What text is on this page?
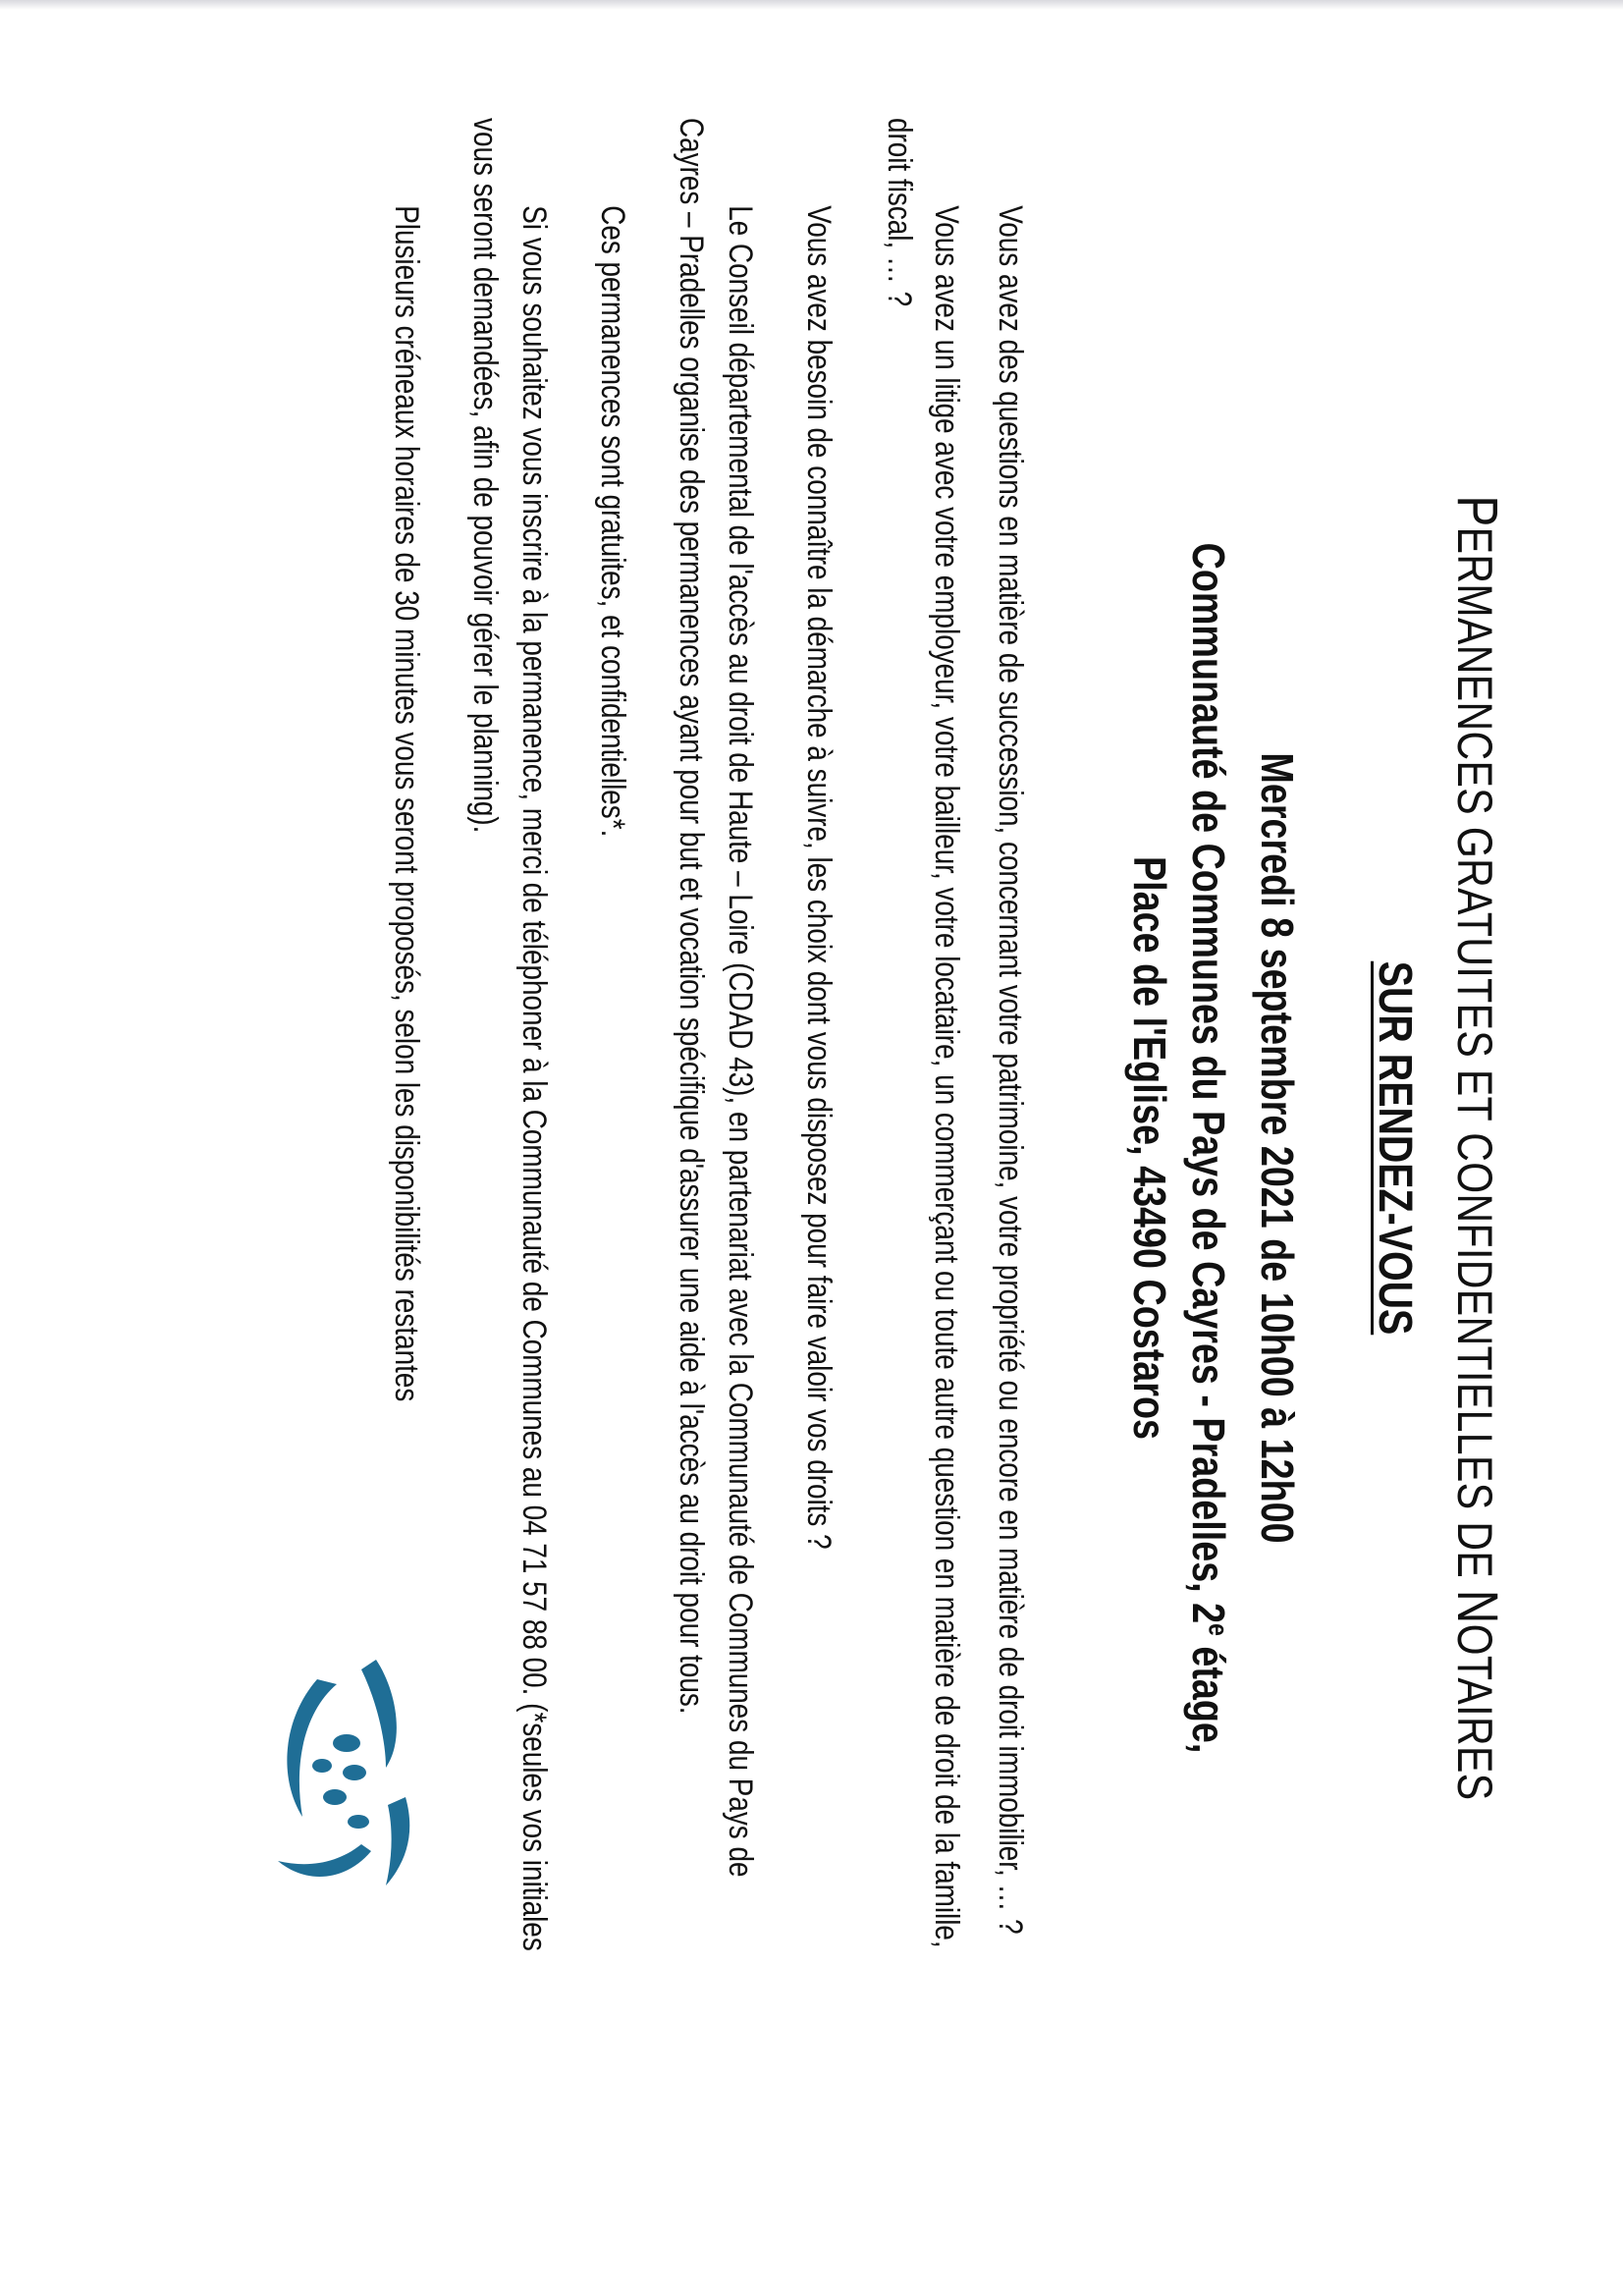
PERMANENCES GRATUITES ET CONFIDENTIELLES DE NOTAIRES
SUR RENDEZ-VOUS
Mercredi 8 septembre 2021 de 10h00 à 12h00
Communauté de Communes du Pays de Cayres - Pradelles, 2e étage,
Place de l'Eglise, 43490 Costaros
Vous avez des questions en matière de succession, concernant votre patrimoine, votre propriété ou encore en matière de droit immobilier, … ?
Vous avez un litige avec votre employeur, votre bailleur, votre locataire, un commerçant ou toute autre question en matière de droit de la famille,
droit fiscal, … ?
Vous avez besoin de connaître la démarche à suivre, les choix dont vous disposez pour faire valoir vos droits ?
Le Conseil départemental de l'accès au droit de Haute – Loire (CDAD 43), en partenariat avec la Communauté de Communes du Pays de
Cayres – Pradelles organise des permanences ayant pour but et vocation spécifique d'assurer une aide à l'accès au droit pour tous.
Ces permanences sont gratuites, et confidentielles*.
Si vous souhaitez vous inscrire à la permanence, merci de téléphoner à la Communauté de Communes au 04 71 57 88 00. (*seules vos initiales
vous seront demandées, afin de pouvoir gérer le planning).
Plusieurs créneaux horaires de 30 minutes vous seront proposés, selon les disponibilités restantes
